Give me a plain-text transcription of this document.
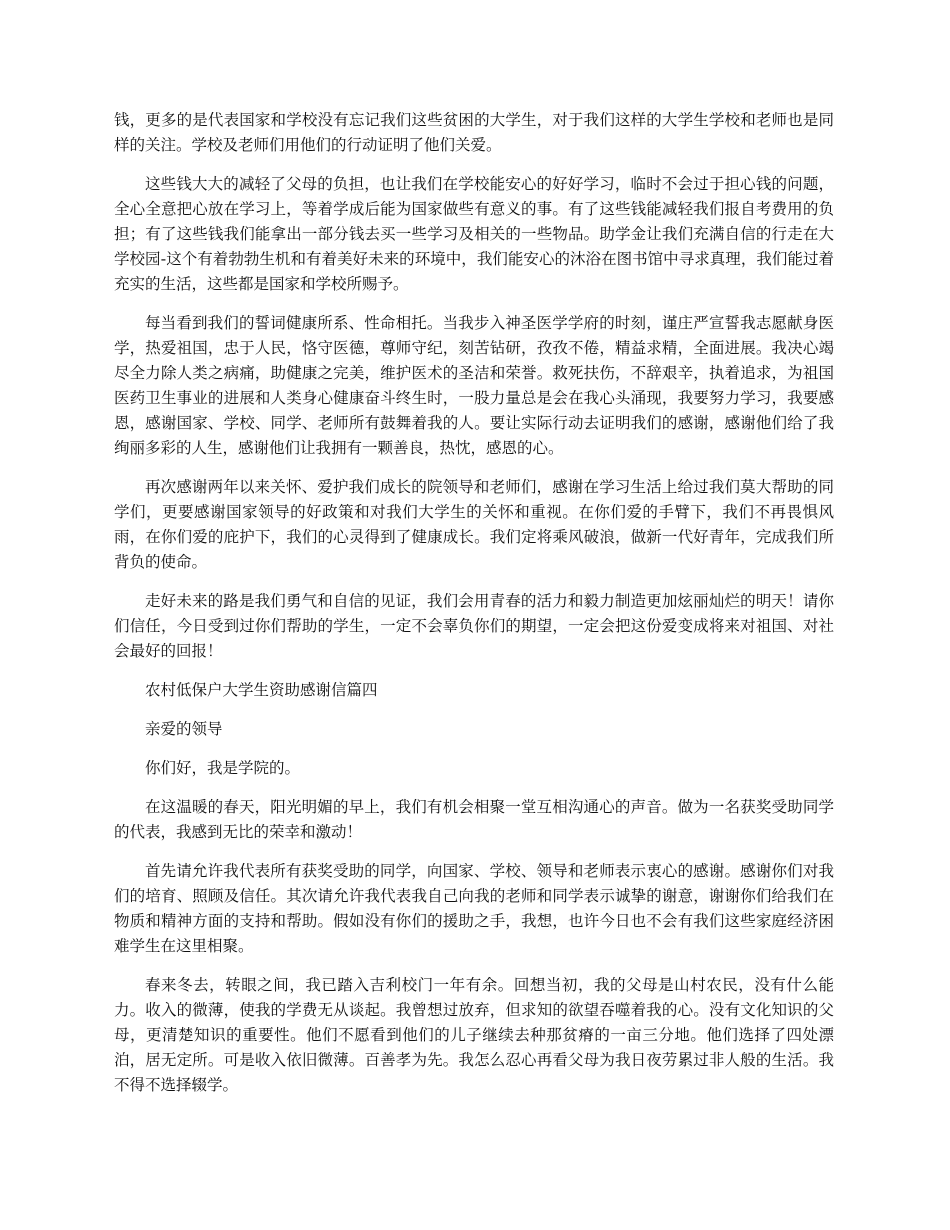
钱，更多的是代表国家和学校没有忘记我们这些贫困的大学生，对于我们这样的大学生学校和老师也是同样的关注。学校及老师们用他们的行动证明了他们关爱。

这些钱大大的减轻了父母的负担，也让我们在学校能安心的好好学习，临时不会过于担心钱的问题，全心全意把心放在学习上，等着学成后能为国家做些有意义的事。有了这些钱能减轻我们报自考费用的负担；有了这些钱我们能拿出一部分钱去买一些学习及相关的一些物品。助学金让我们充满自信的行走在大学校园-这个有着勃勃生机和有着美好未来的环境中，我们能安心的沐浴在图书馆中寻求真理，我们能过着充实的生活，这些都是国家和学校所赐予。

每当看到我们的誓词健康所系、性命相托。当我步入神圣医学学府的时刻，谨庄严宣誓我志愿献身医学，热爱祖国，忠于人民，恪守医德，尊师守纪，刻苦钻研，孜孜不倦，精益求精，全面进展。我决心竭尽全力除人类之病痛，助健康之完美，维护医术的圣洁和荣誉。救死扶伤，不辞艰辛，执着追求，为祖国医药卫生事业的进展和人类身心健康奋斗终生时，一股力量总是会在我心头涌现，我要努力学习，我要感恩，感谢国家、学校、同学、老师所有鼓舞着我的人。要让实际行动去证明我们的感谢，感谢他们给了我绚丽多彩的人生，感谢他们让我拥有一颗善良，热忱，感恩的心。

再次感谢两年以来关怀、爱护我们成长的院领导和老师们，感谢在学习生活上给过我们莫大帮助的同学们，更要感谢国家领导的好政策和对我们大学生的关怀和重视。在你们爱的手臂下，我们不再畏惧风雨，在你们爱的庇护下，我们的心灵得到了健康成长。我们定将乘风破浪，做新一代好青年，完成我们所背负的使命。

走好未来的路是我们勇气和自信的见证，我们会用青春的活力和毅力制造更加炫丽灿烂的明天！请你们信任，今日受到过你们帮助的学生，一定不会辜负你们的期望，一定会把这份爱变成将来对祖国、对社会最好的回报！

农村低保户大学生资助感谢信篇四

亲爱的领导

你们好，我是学院的。

在这温暖的春天，阳光明媚的早上，我们有机会相聚一堂互相沟通心的声音。做为一名获奖受助同学的代表，我感到无比的荣幸和激动！

首先请允许我代表所有获奖受助的同学，向国家、学校、领导和老师表示衷心的感谢。感谢你们对我们的培育、照顾及信任。其次请允许我代表我自己向我的老师和同学表示诚挚的谢意，谢谢你们给我们在物质和精神方面的支持和帮助。假如没有你们的援助之手，我想，也许今日也不会有我们这些家庭经济困难学生在这里相聚。

春来冬去，转眼之间，我已踏入吉利校门一年有余。回想当初，我的父母是山村农民，没有什么能力。收入的微薄，使我的学费无从谈起。我曾想过放弃，但求知的欲望吞噬着我的心。没有文化知识的父母，更清楚知识的重要性。他们不愿看到他们的儿子继续去种那贫瘠的一亩三分地。他们选择了四处漂泊，居无定所。可是收入依旧微薄。百善孝为先。我怎么忍心再看父母为我日夜劳累过非人般的生活。我不得不选择辍学。
